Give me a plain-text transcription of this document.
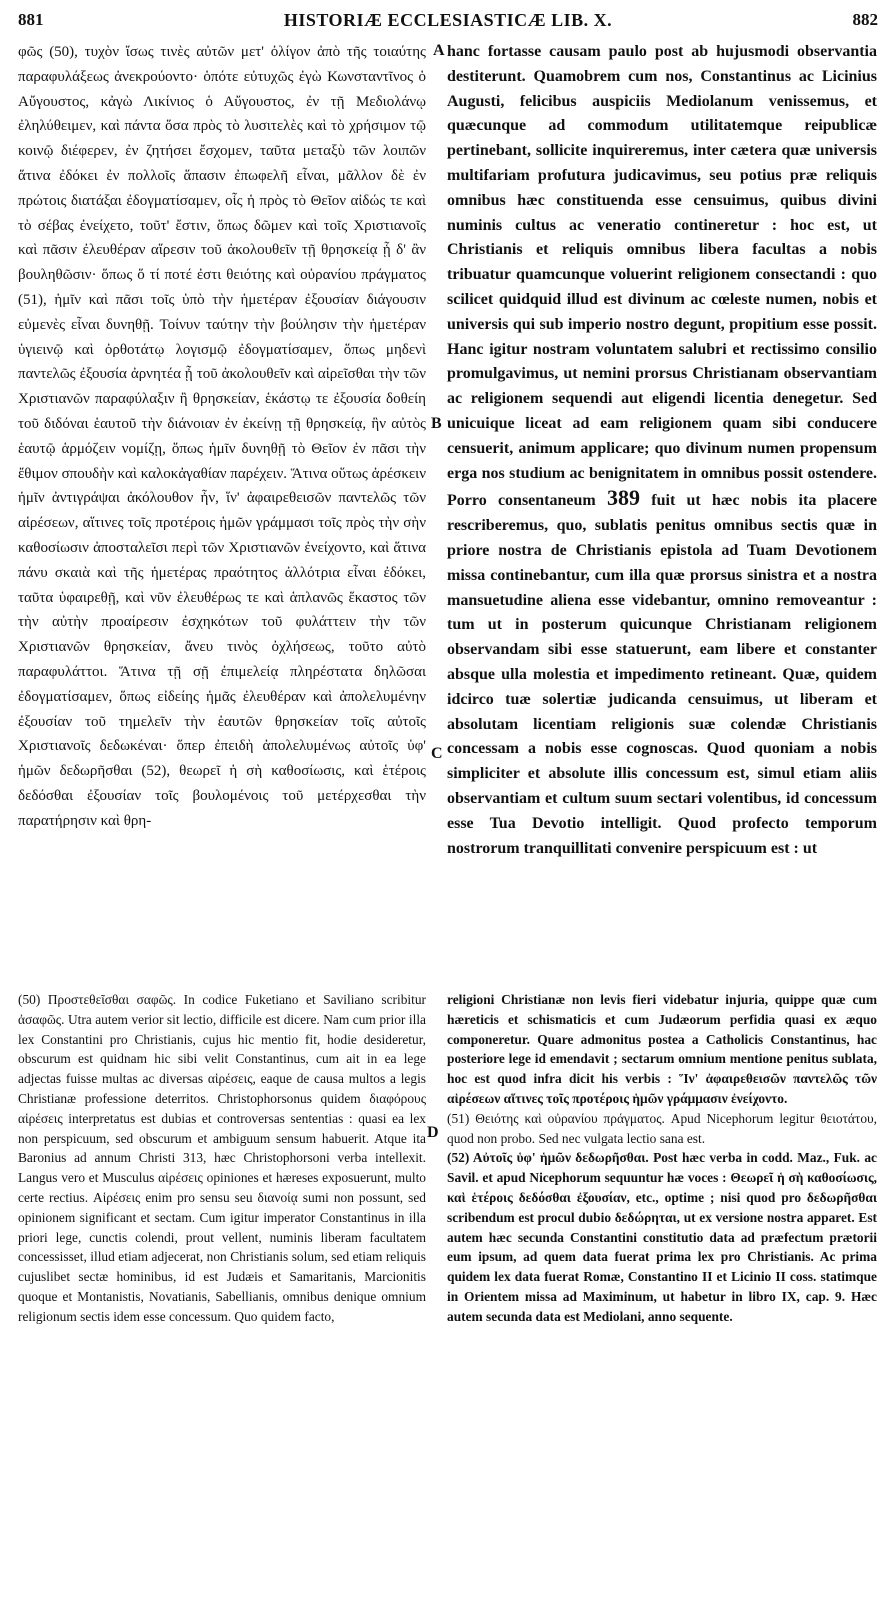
881	HISTORIÆ ECCLESIASTICÆ LIB. X.	882
φῶς (50), τυχὸν ἴσως τινὲς αὐτῶν μετ' ὀλίγον ἀπὸ τῆς τοιαύτης παραφυλάξεως ἀνεκρούοντο· ὁπότε εὐτυχῶς ἐγὼ Κωνσταντῖνος ὁ Αὔγουστος, κἀγὼ Λικίνιος ὁ Αὔγουστος, ἐν τῇ Μεδιολάνῳ ἐληλύθειμεν, καὶ πάντα ὅσα πρὸς τὸ λυσιτελὲς καὶ τὸ χρήσιμον τῷ κοινῷ διέφερεν, ἐν ζητήσει ἔσχομεν, ταῦτα μεταξὺ τῶν λοιπῶν ἅτινα ἐδόκει ἐν πολλοῖς ἅπασιν ἐπωφελῆ εἶναι, μᾶλλον δὲ ἐν πρώτοις διατάξαι ἐδογματίσαμεν, οἷς ἡ πρὸς τὸ Θεῖον αἰδώς τε καὶ τὸ σέβας ἐνείχετο, τοῦτ' ἔστιν, ὅπως δῶμεν καὶ τοῖς Χριστιανοῖς καὶ πᾶσιν ἐλευθέραν αἵρεσιν τοῦ ἀκολουθεῖν τῇ θρησκείᾳ ᾗ δ' ἂν βουληθῶσιν· ὅπως ὅ τί ποτέ ἐστι θειότης καὶ οὐρανίου πράγματος (51), ἡμῖν καὶ πᾶσι τοῖς ὑπὸ τὴν ἡμετέραν ἐξουσίαν διάγουσιν εὐμενὲς εἶναι δυνηθῇ. Τοίνυν ταύτην τὴν βούλησιν τὴν ἡμετέραν ὑγιεινῷ καὶ ὀρθοτάτῳ λογισμῷ ἐδογματίσαμεν, ὅπως μηδενὶ παντελῶς ἐξουσία ἀρνητέα ᾖ τοῦ ἀκολουθεῖν καὶ αἱρεῖσθαι τὴν τῶν Χριστιανῶν παραφύλαξιν ἢ θρησκείαν, ἑκάστῳ τε ἐξουσία δοθείη τοῦ διδόναι ἑαυτοῦ τὴν διάνοιαν ἐν ἐκείνῃ τῇ θρησκείᾳ, ἣν αὐτὸς ἑαυτῷ ἁρμόζειν νομίζῃ, ὅπως ἡμῖν δυνηθῇ τὸ Θεῖον ἐν πᾶσι τὴν ἔθιμον σπουδὴν καὶ καλοκἀγαθίαν παρέχειν. Ἅτινα οὕτως ἀρέσκειν ἡμῖν ἀντιγράψαι ἀκόλουθον ἦν, ἵν' ἀφαιρεθεισῶν παντελῶς τῶν αἱρέσεων, αἵτινες τοῖς προτέροις ἡμῶν γράμμασι τοῖς πρὸς τὴν σὴν καθοσίωσιν ἀποσταλεῖσι περὶ τῶν Χριστιανῶν ἐνείχοντο, καὶ ἅτινα πάνυ σκαιὰ καὶ τῆς ἡμετέρας πραότητος ἀλλότρια εἶναι ἐδόκει, ταῦτα ὑφαιρεθῇ, καὶ νῦν ἐλευθέρως τε καὶ ἁπλανῶς ἕκαστος τῶν τὴν αὐτὴν προαίρεσιν ἐσχηκότων τοῦ φυλάττειν τὴν τῶν Χριστιανῶν θρησκείαν, ἄνευ τινὸς ὀχλήσεως, τοῦτο αὐτὸ παραφυλάττοι. Ἅτινα τῇ σῇ ἐπιμελείᾳ πληρέστατα δηλῶσαι ἐδογματίσαμεν, ὅπως εἰδείης ἡμᾶς ἐλευθέραν καὶ ἀπολελυμένην ἐξουσίαν τοῦ τημελεῖν τὴν ἑαυτῶν θρησκείαν τοῖς αὐτοῖς Χριστιανοῖς δεδωκέναι· ὅπερ ἐπειδὴ ἀπολελυμένως αὐτοῖς ὑφ' ἡμῶν δεδωρῆσθαι (52), θεωρεῖ ἡ σὴ καθοσίωσις, καὶ ἑτέροις δεδόσθαι ἐξουσίαν τοῖς βουλομένοις τοῦ μετέρχεσθαι τὴν παρατήρησιν καὶ θρη-
hanc fortasse causam paulo post ab hujusmodi observantia destiterunt. Quamobrem cum nos, Constantinus ac Licinius Augusti, felicibus auspiciis Mediolanum venissemus, et quæcunque ad commodum utilitatemque reipublicæ pertinebant, sollicite inquireremus, inter cætera quæ universis multifariam profutura judicavimus, seu potius præ reliquis omnibus hæc constituenda esse censuimus, quibus divini numinis cultus ac veneratio contineretur : hoc est, ut Christianis et reliquis omnibus libera facultas a nobis tribuatur quamcunque voluerint religionem consectandi : quo scilicet quidquid illud est divinum ac cœleste numen, nobis et universis qui sub imperio nostro degunt, propitium esse possit. Hanc igitur nostram voluntatem salubri et rectissimo consilio promulgavimus, ut nemini prorsus Christianam observantiam ac religionem sequendi aut eligendi licentia denegetur. Sed unicuique liceat ad eam religionem quam sibi conducere censuerit, animum applicare; quo divinum numen propensum erga nos studium ac benignitatem in omnibus possit ostendere. Porro consentaneum 389 fuit ut hæc nobis ita placere rescriberemus, quo, sublatis penitus omnibus sectis quæ in priore nostra de Christianis epistola ad Tuam Devotionem missa continebantur, cum illa quæ prorsus sinistra et a nostra mansuetudine aliena esse videbantur, omnino removeantur : tum ut in posterum quicunque Christianam religionem observandam sibi esse statuerunt, eam libere et constanter absque ulla molestia et impedimento retineant. Quæ, quidem idcirco tuæ solertiæ judicanda censuimus, ut liberam et absolutam licentiam religionis suæ colendæ Christianis concessam a nobis esse cognoscas. Quod quoniam a nobis simpliciter et absolute illis concessum est, simul etiam aliis observantiam et cultum suum sectari volentibus, id concessum esse Tua Devotio intelligit. Quod profecto temporum nostrorum tranquillitati convenire perspicuum est : ut
A
B
C
D
(50) Προστεθεῖσθαι σαφῶς. In codice Fuketiano et Saviliano scribitur ἀσαφῶς. Utra autem verior sit lectio, difficile est dicere. Nam cum prior illa lex Constantini pro Christianis, cujus hic mentio fit, hodie desideretur, obscurum est quidnam hic sibi velit Constantinus, cum ait in ea lege adjectas fuisse multas ac diversas αἱρέσεις, eaque de causa multos a legis Christianæ professione deterritos. Christophorsonus quidem διαφόρους αἱρέσεις interpretatus est dubias et controversas sententias : quasi ea lex non perspicuum, sed obscurum et ambiguum sensum habuerit. Atque ita Baronius ad annum Christi 313, hæc Christophorsoni verba intellexit. Langus vero et Musculus αἱρέσεις opiniones et hæreses exposuerunt, multo certe rectius. Αἱρέσεις enim pro sensu seu διανοίᾳ sumi non possunt, sed opinionem significant et sectam. Cum igitur imperator Constantinus in illa priori lege, cunctis colendi, prout vellent, numinis liberam facultatem concessisset, illud etiam adjecerat, non Christianis solum, sed etiam reliquis cujuslibet sectæ hominibus, id est Judæis et Samaritanis, Marcionitis quoque et Montanistis, Novatianis, Sabellianis, omnibus denique omnium religionum sectis idem esse concessum. Quo quidem facto,
religioni Christianæ non levis fieri videbatur injuria, quippe quæ cum hæreticis et schismaticis et cum Judæorum perfidia quasi ex æquo componeretur. Quare admonitus postea a Catholicis Constantinus, hac posteriore lege id emendavit ; sectarum omnium mentione penitus sublata, hoc est quod infra dicit his verbis : Ἵν' ἀφαιρεθεισῶν παντελῶς τῶν αἱρέσεων αἵτινες τοῖς προτέροις ἡμῶν γράμμασιν ἐνείχοντο.
(51) Θειότης καὶ οὐρανίου πράγματος. Apud Nicephorum legitur θειοτάτου, quod non probo. Sed nec vulgata lectio sana est.
(52) Αὐτοῖς ὑφ' ἡμῶν δεδωρῆσθαι. Post hæc verba in codd. Maz., Fuk. ac Savil. et apud Nicephorum sequuntur hæ voces : Θεωρεῖ ἡ σὴ καθοσίωσις, καὶ ἑτέροις δεδόσθαι ἐξουσίαν, etc., optime ; nisi quod pro δεδωρῆσθαι scribendum est procul dubio δεδώρηται, ut ex versione nostra apparet. Est autem hæc secunda Constantini constitutio data ad præfectum prætorii eum ipsum, ad quem data fuerat prima lex pro Christianis. Ac prima quidem lex data fuerat Romæ, Constantino II et Licinio II coss. statimque in Orientem missa ad Maximinum, ut habetur in libro IX, cap. 9. Hæc autem secunda data est Mediolani, anno sequente.
